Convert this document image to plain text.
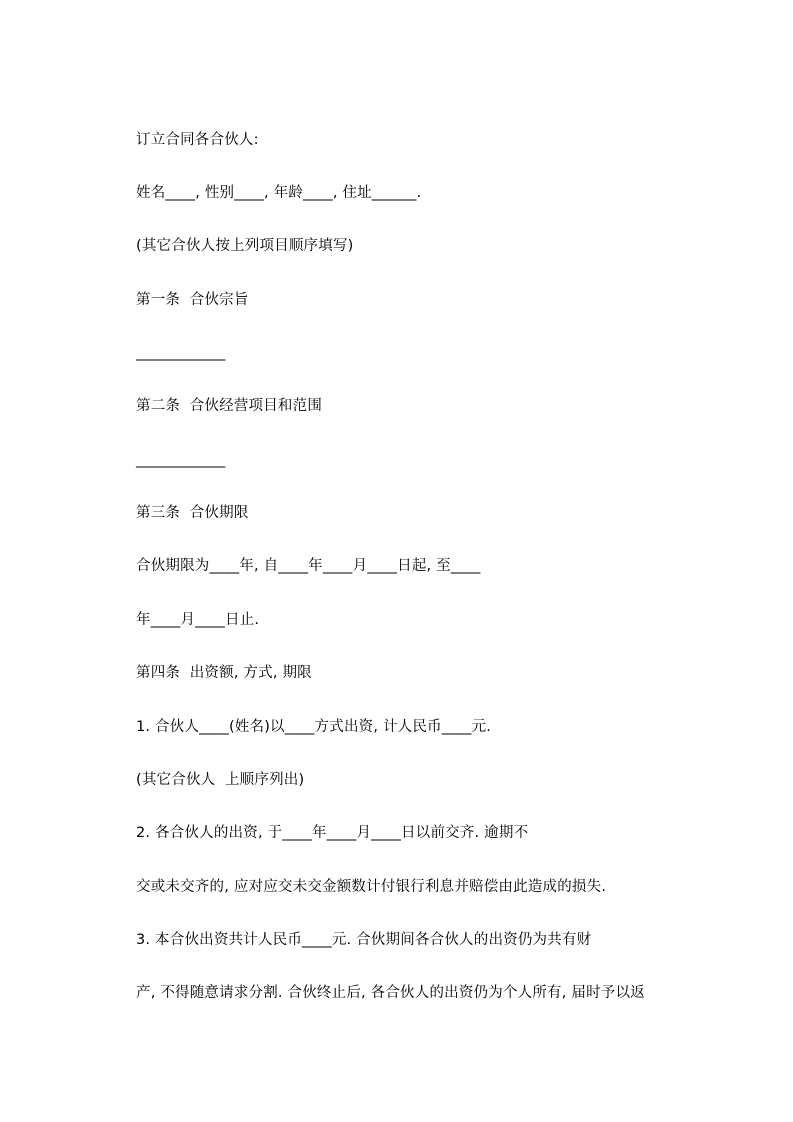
订立合同各合伙人:
姓名____, 性别____, 年龄____, 住址______.
(其它合伙人按上列项目顺序填写)
第一条  合伙宗旨
____________
第二条  合伙经营项目和范围
____________
第三条  合伙期限
合伙期限为____年, 自____年____月____日起, 至____
年____月____日止.
第四条  出资额, 方式, 期限
1. 合伙人____(姓名)以____方式出资, 计人民币____元.
(其它合伙人  上顺序列出)
2. 各合伙人的出资, 于____年____月____日以前交齐. 逾期不
交或未交齐的, 应对应交未交金额数计付银行利息并赔偿由此造成的损失.
3. 本合伙出资共计人民币____元. 合伙期间各合伙人的出资仍为共有财
产, 不得随意请求分割. 合伙终止后, 各合伙人的出资仍为个人所有, 届时予以返
